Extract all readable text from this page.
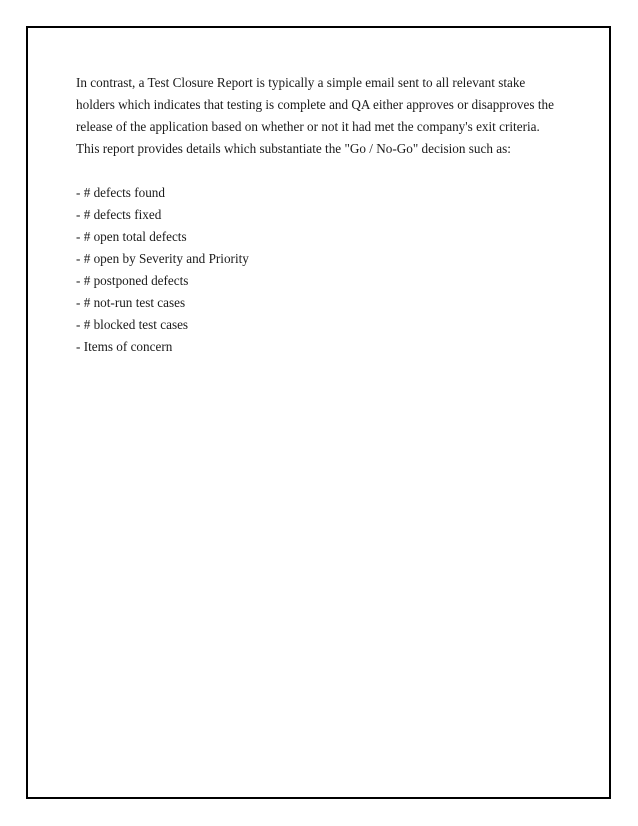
In contrast, a Test Closure Report is typically a simple email sent to all relevant stake
holders which indicates that testing is complete and QA either approves or disapproves the
release of the application based on whether or not it had met the company's exit criteria.
This report provides details which substantiate the "Go / No-Go" decision such as:
- # defects found
- # defects fixed
- # open total defects
- # open by Severity and Priority
- # postponed defects
- # not-run test cases
- # blocked test cases
- Items of concern
